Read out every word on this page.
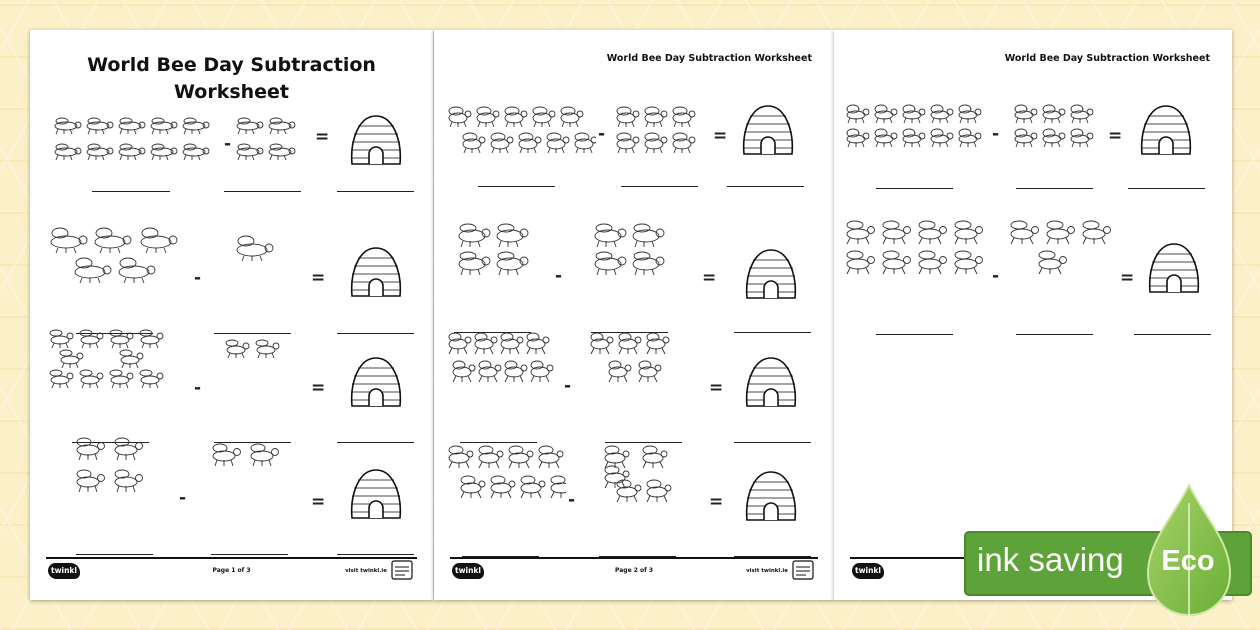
World Bee Day Subtraction
Worksheet
-	=
-	=
-	=
-	=
twinkl	Page 1 of 3	visit twinkl.ie
World Bee Day Subtraction Worksheet
-	=
-	=
-	=
-	=
twinkl	Page 2 of 3	visit twinkl.ie
World Bee Day Subtraction Worksheet
-	=
-	=
twinkl	ink saving	Eco
